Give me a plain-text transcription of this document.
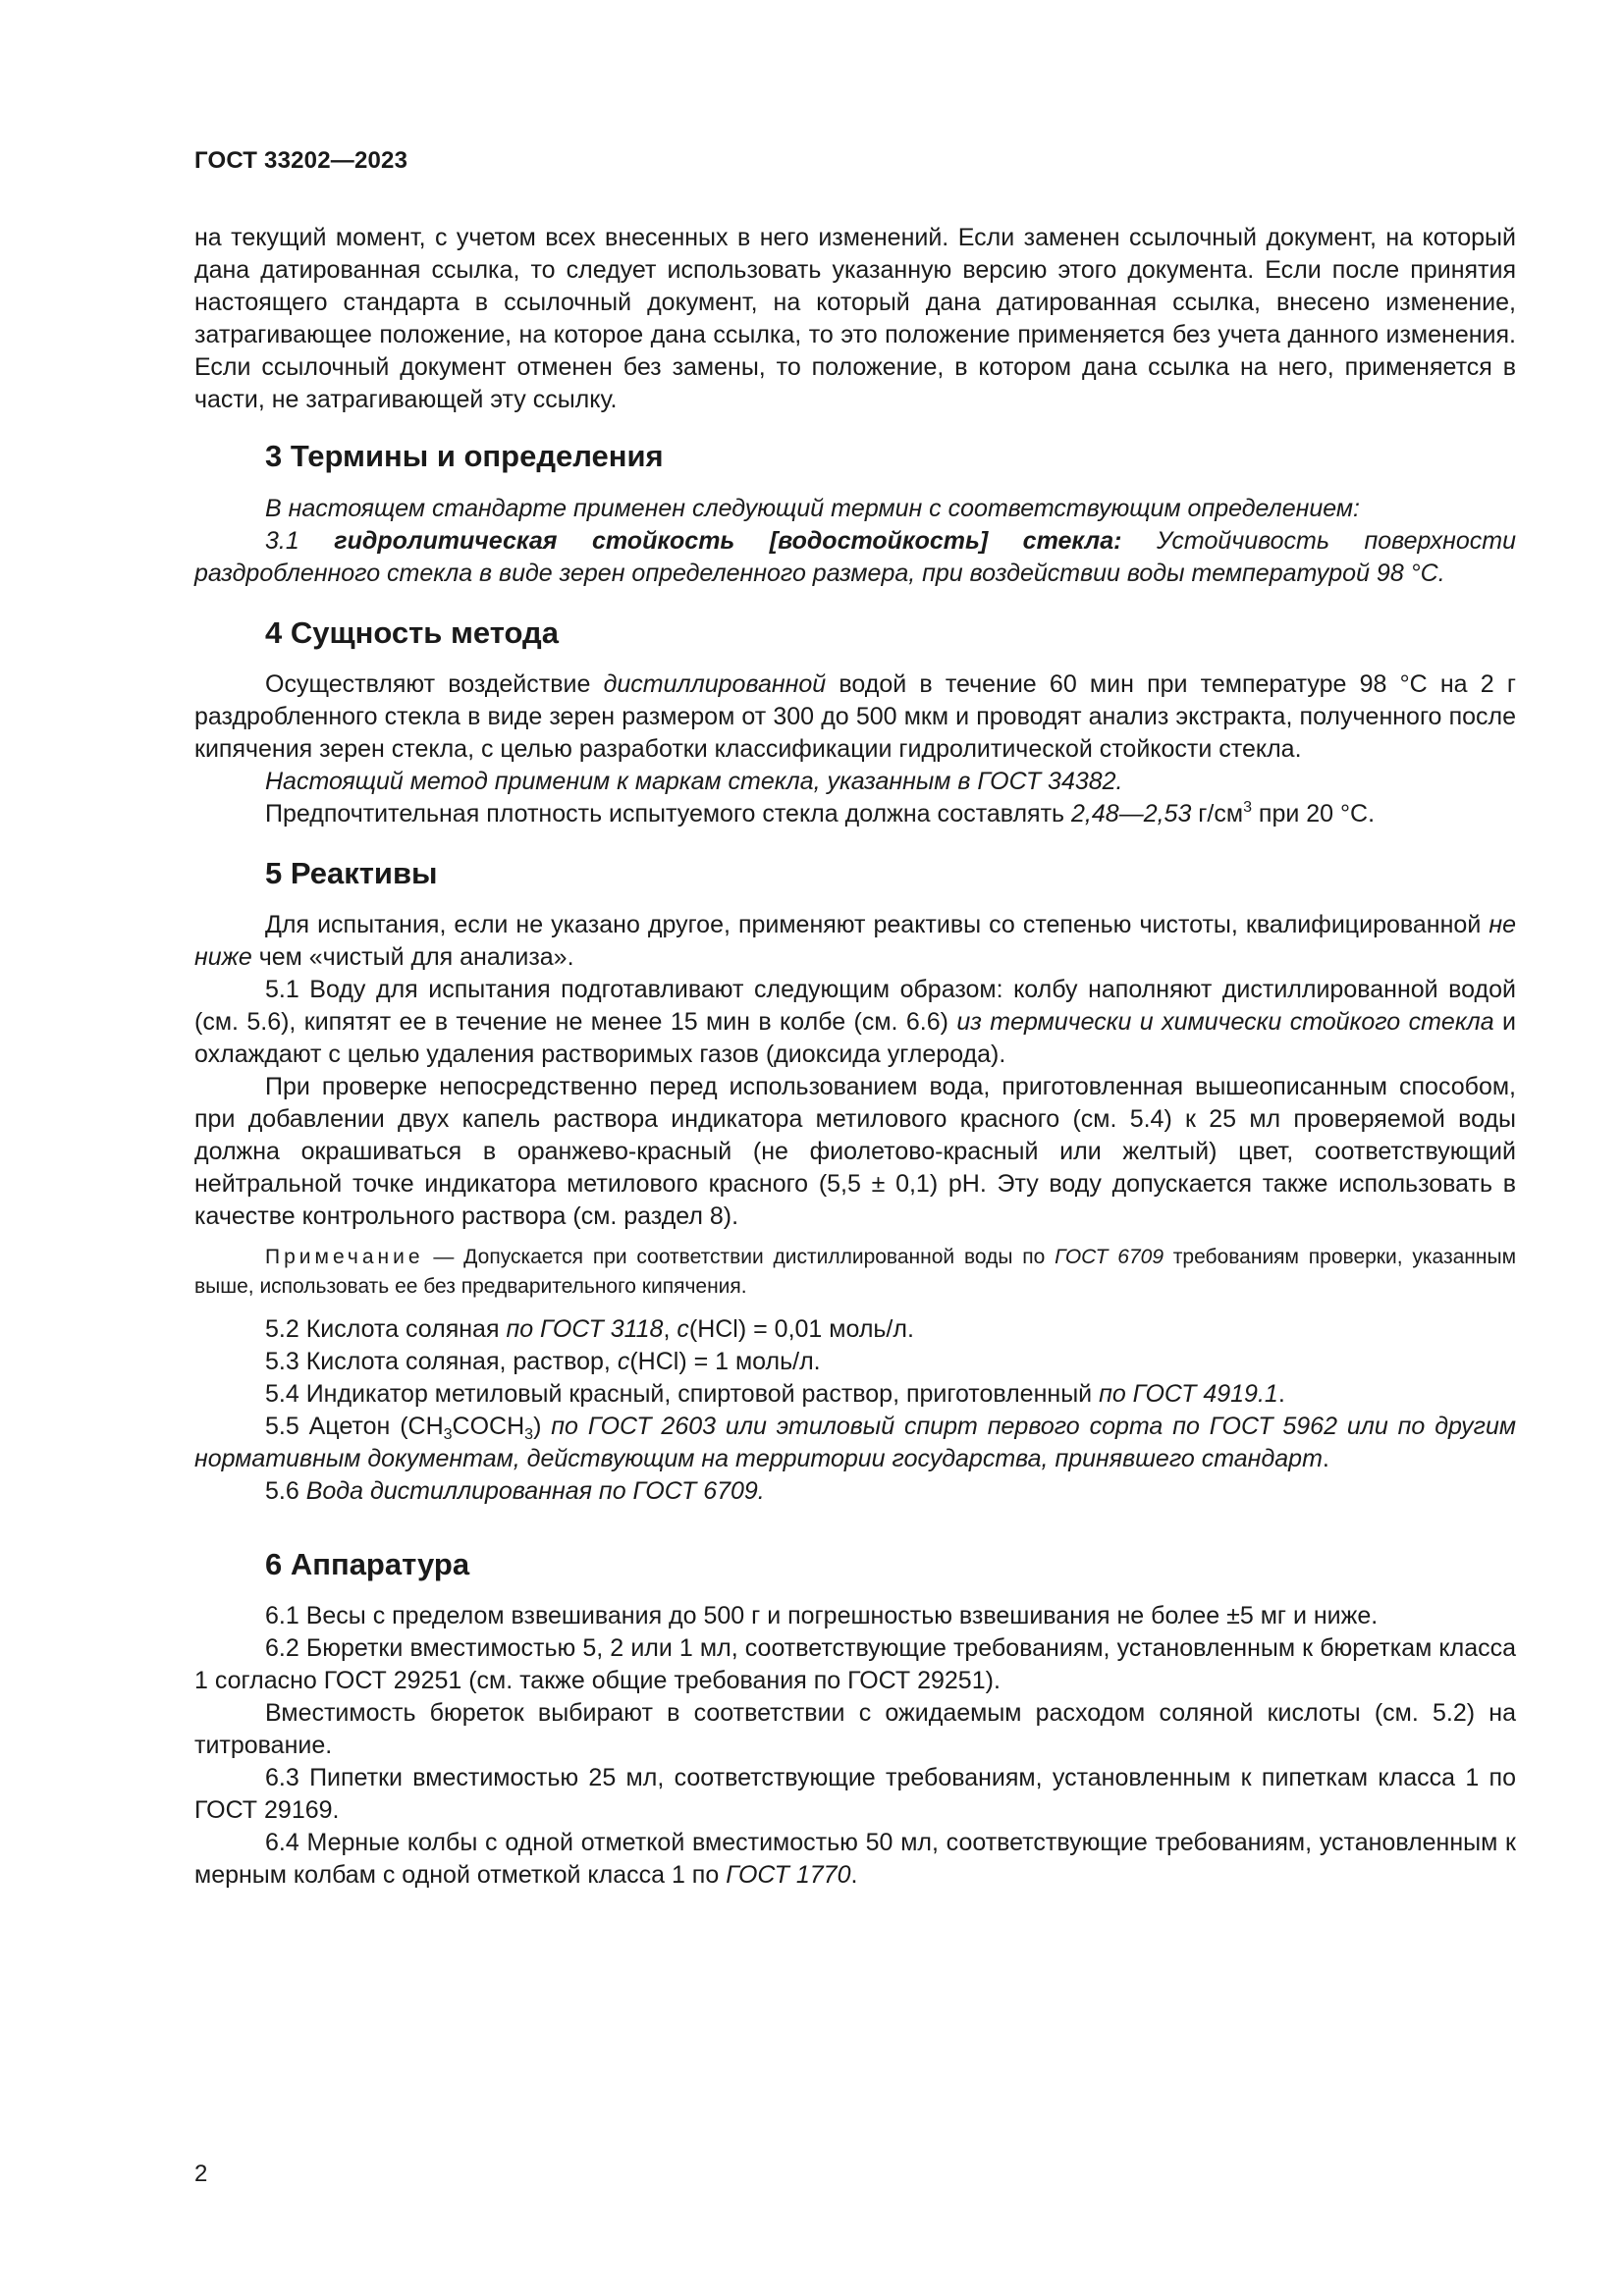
ГОСТ 33202—2023

на текущий момент, с учетом всех внесенных в него изменений. Если заменен ссылочный документ, на который дана датированная ссылка, то следует использовать указанную версию этого документа. Если после принятия настоящего стандарта в ссылочный документ, на который дана датированная ссылка, внесено изменение, затрагивающее положение, на которое дана ссылка, то это положение применяется без учета данного изменения. Если ссылочный документ отменен без замены, то положение, в котором дана ссылка на него, применяется в части, не затрагивающей эту ссылку.

3 Термины и определения

В настоящем стандарте применен следующий термин с соответствующим определением:

3.1 гидролитическая стойкость [водостойкость] стекла: Устойчивость поверхности раздробленного стекла в виде зерен определенного размера, при воздействии воды температурой 98 °С.

4 Сущность метода

Осуществляют воздействие дистиллированной водой в течение 60 мин при температуре 98 °С на 2 г раздробленного стекла в виде зерен размером от 300 до 500 мкм и проводят анализ экстракта, полученного после кипячения зерен стекла, с целью разработки классификации гидролитической стойкости стекла.

Настоящий метод применим к маркам стекла, указанным в ГОСТ 34382.

Предпочтительная плотность испытуемого стекла должна составлять 2,48—2,53 $г/см^3$ при 20 °С.

5 Реактивы

Для испытания, если не указано другое, применяют реактивы со степенью чистоты, квалифицированной не ниже чем «чистый для анализа».

5.1 Воду для испытания подготавливают следующим образом: колбу наполняют дистиллированной водой (см. 5.6), кипятят ее в течение не менее 15 мин в колбе (см. 6.6) из термически и химически стойкого стекла и охлаждают с целью удаления растворимых газов (диоксида углерода).

При проверке непосредственно перед использованием вода, приготовленная вышеописанным способом, при добавлении двух капель раствора индикатора метилового красного (см. 5.4) к 25 мл проверяемой воды должна окрашиваться в оранжево-красный (не фиолетово-красный или желтый) цвет, соответствующий нейтральной точке индикатора метилового красного (5,5 ± 0,1) рН. Эту воду допускается также использовать в качестве контрольного раствора (см. раздел 8).

Примечание — Допускается при соответствии дистиллированной воды по ГОСТ 6709 требованиям проверки, указанным выше, использовать ее без предварительного кипячения.

5.2 Кислота соляная по ГОСТ 3118, с(HCl) = 0,01 моль/л.

5.3 Кислота соляная, раствор, с(HCl) = 1 моль/л.

5.4 Индикатор метиловый красный, спиртовой раствор, приготовленный по ГОСТ 4919.1.

5.5 Ацетон $(CH_3COCH_3)$ по ГОСТ 2603 или этиловый спирт первого сорта по ГОСТ 5962 или по другим нормативным документам, действующим на территории государства, принявшего стандарт.

5.6 Вода дистиллированная по ГОСТ 6709.

6 Аппаратура

6.1 Весы с пределом взвешивания до 500 г и погрешностью взвешивания не более ±5 мг и ниже.

6.2 Бюретки вместимостью 5, 2 или 1 мл, соответствующие требованиям, установленным к бюреткам класса 1 согласно ГОСТ 29251 (см. также общие требования по ГОСТ 29251).

Вместимость бюреток выбирают в соответствии с ожидаемым расходом соляной кислоты (см. 5.2) на титрование.

6.3 Пипетки вместимостью 25 мл, соответствующие требованиям, установленным к пипеткам класса 1 по ГОСТ 29169.

6.4 Мерные колбы с одной отметкой вместимостью 50 мл, соответствующие требованиям, установленным к мерным колбам с одной отметкой класса 1 по ГОСТ 1770.

2
